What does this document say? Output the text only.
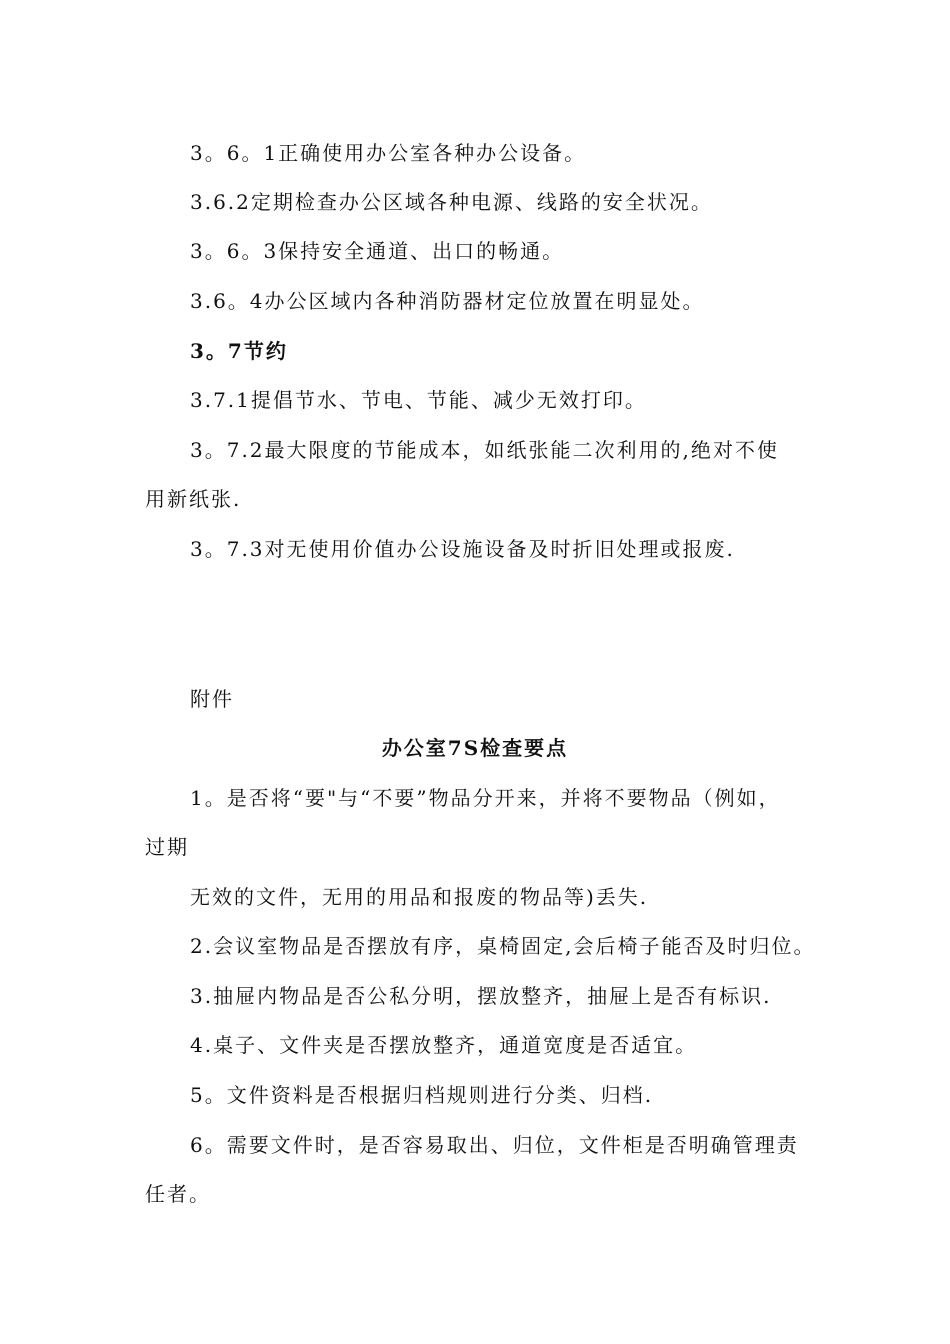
3。6。1正确使用办公室各种办公设备。
3.6.2定期检查办公区域各种电源、线路的安全状况。
3。6。3保持安全通道、出口的畅通。
3.6。4办公区域内各种消防器材定位放置在明显处。
3。7节约
3.7.1提倡节水、节电、节能、减少无效打印。
3。7.2最大限度的节能成本，如纸张能二次利用的,绝对不使
用新纸张.
3。7.3对无使用价值办公设施设备及时折旧处理或报废.
附件
办公室7S检查要点
1。是否将“要"与“不要”物品分开来，并将不要物品（例如，
过期
无效的文件，无用的用品和报废的物品等)丢失.
2.会议室物品是否摆放有序，桌椅固定,会后椅子能否及时归位。
3.抽屉内物品是否公私分明，摆放整齐，抽屉上是否有标识.
4.桌子、文件夹是否摆放整齐，通道宽度是否适宜。
5。文件资料是否根据归档规则进行分类、归档.
6。需要文件时，是否容易取出、归位，文件柜是否明确管理责
任者。
